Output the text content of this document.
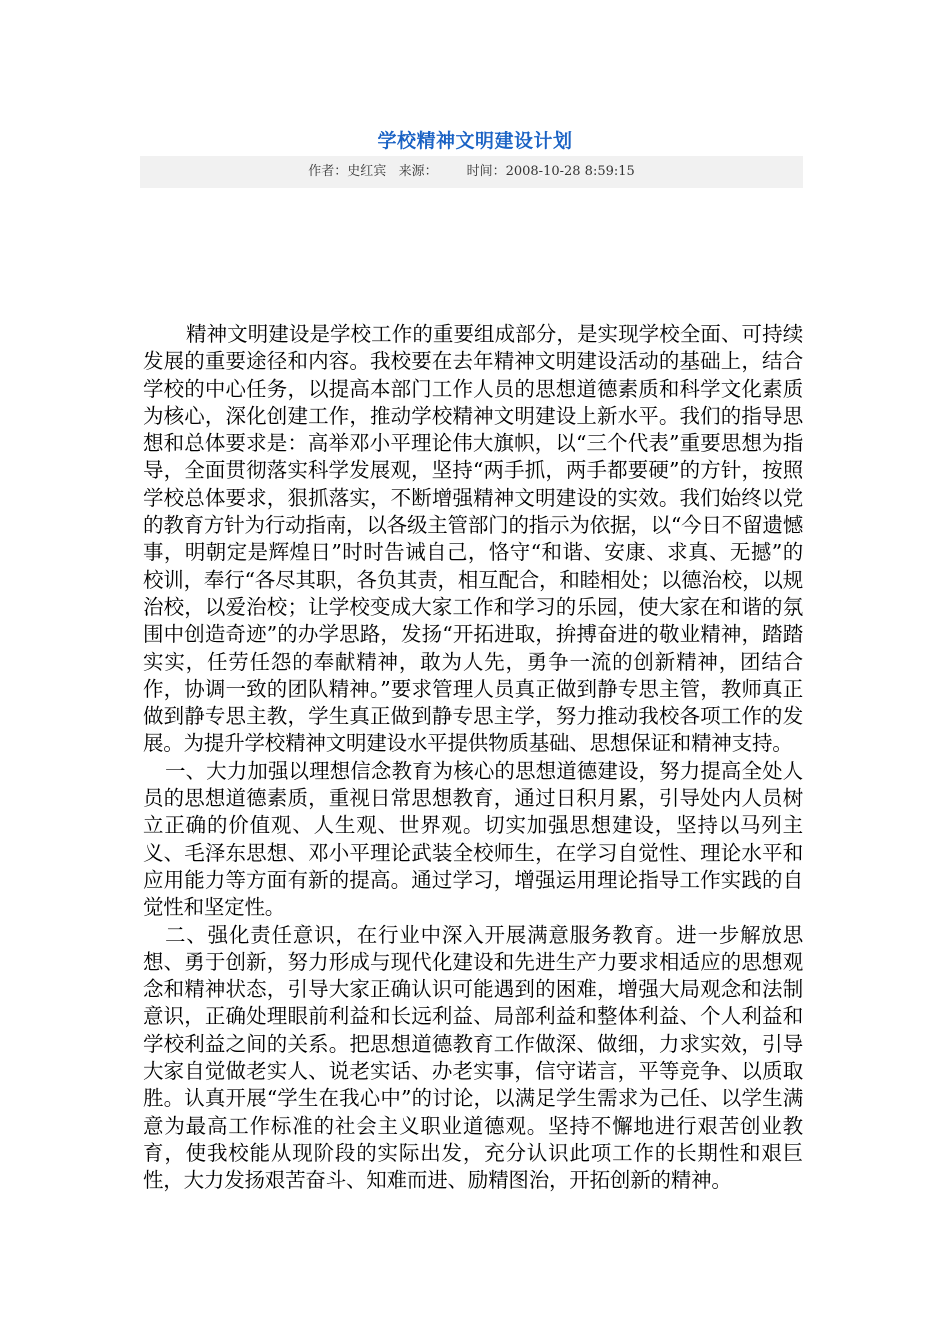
学校精神文明建设计划
作者：史红宾 来源： 时间：2008-10-28 8:59:15

精神文明建设是学校工作的重要组成部分，是实现学校全面、可持续发展的重要途径和内容。我校要在去年精神文明建设活动的基础上，结合学校的中心任务，以提高本部门工作人员的思想道德素质和科学文化素质为核心，深化创建工作，推动学校精神文明建设上新水平。我们的指导思想和总体要求是：高举邓小平理论伟大旗帜，以“三个代表”重要思想为指导，全面贯彻落实科学发展观，坚持“两手抓，两手都要硬”的方针，按照学校总体要求，狠抓落实，不断增强精神文明建设的实效。我们始终以党的教育方针为行动指南，以各级主管部门的指示为依据，以“今日不留遗憾事，明朝定是辉煌日”时时告诫自己，恪守“和谐、安康、求真、无撼”的校训，奉行“各尽其职，各负其责，相互配合，和睦相处；以德治校，以规治校，以爱治校；让学校变成大家工作和学习的乐园，使大家在和谐的氛围中创造奇迹”的办学思路，发扬“开拓进取，拚搏奋进的敬业精神，踏踏实实，任劳任怨的奉献精神，敢为人先，勇争一流的创新精神，团结合作，协调一致的团队精神。”要求管理人员真正做到静专思主管，教师真正做到静专思主教，学生真正做到静专思主学，努力推动我校各项工作的发展。为提升学校精神文明建设水平提供物质基础、思想保证和精神支持。

一、大力加强以理想信念教育为核心的思想道德建设，努力提高全处人员的思想道德素质，重视日常思想教育，通过日积月累，引导处内人员树立正确的价值观、人生观、世界观。切实加强思想建设，坚持以马列主义、毛泽东思想、邓小平理论武装全校师生，在学习自觉性、理论水平和应用能力等方面有新的提高。通过学习，增强运用理论指导工作实践的自觉性和坚定性。

二、强化责任意识，在行业中深入开展满意服务教育。进一步解放思想、勇于创新，努力形成与现代化建设和先进生产力要求相适应的思想观念和精神状态，引导大家正确认识可能遇到的困难，增强大局观念和法制意识，正确处理眼前利益和长远利益、局部利益和整体利益、个人利益和学校利益之间的关系。把思想道德教育工作做深、做细，力求实效，引导大家自觉做老实人、说老实话、办老实事，信守诺言，平等竞争、以质取胜。认真开展“学生在我心中”的讨论，以满足学生需求为己任、以学生满意为最高工作标准的社会主义职业道德观。坚持不懈地进行艰苦创业教育，使我校能从现阶段的实际出发，充分认识此项工作的长期性和艰巨性，大力发扬艰苦奋斗、知难而进、励精图治，开拓创新的精神。
